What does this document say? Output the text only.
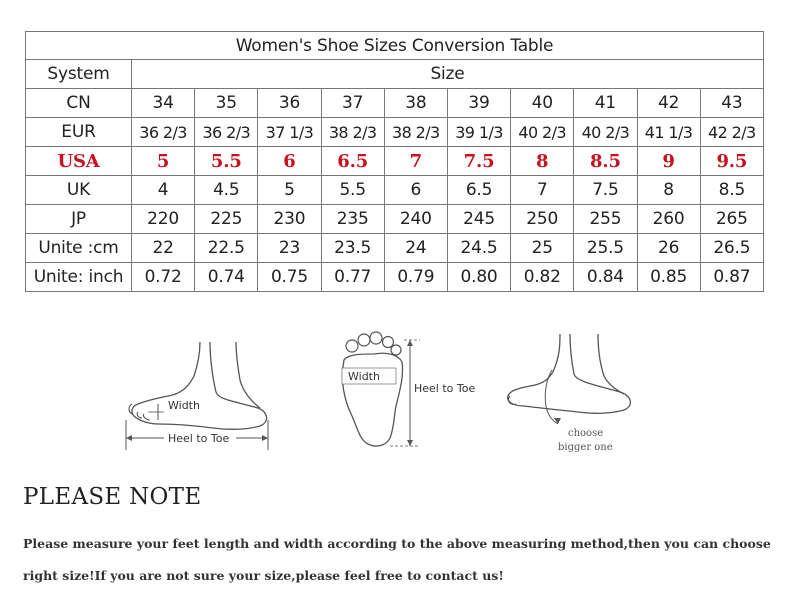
Women's Shoe Sizes Conversion Table										
System	Size									
CN	34	35	36	37	38	39	40	41	42	43
EUR	36 2/3	36 2/3	37 1/3	38 2/3	38 2/3	39 1/3	40 2/3	40 2/3	41 1/3	42 2/3
USA	5	5.5	6	6.5	7	7.5	8	8.5	9	9.5
UK	4	4.5	5	5.5	6	6.5	7	7.5	8	8.5
JP	220	225	230	235	240	245	250	255	260	265
Unite :cm	22	22.5	23	23.5	24	24.5	25	25.5	26	26.5
Unite: inch	0.72	0.74	0.75	0.77	0.79	0.80	0.82	0.84	0.85	0.87
Width
Heel to Toe
Width
Heel to Toe
choose
bigger one
PLEASE NOTE
Please measure your feet length and width according to the above measuring method,then you can choose
right size!If you are not sure your size,please feel free to contact us!
